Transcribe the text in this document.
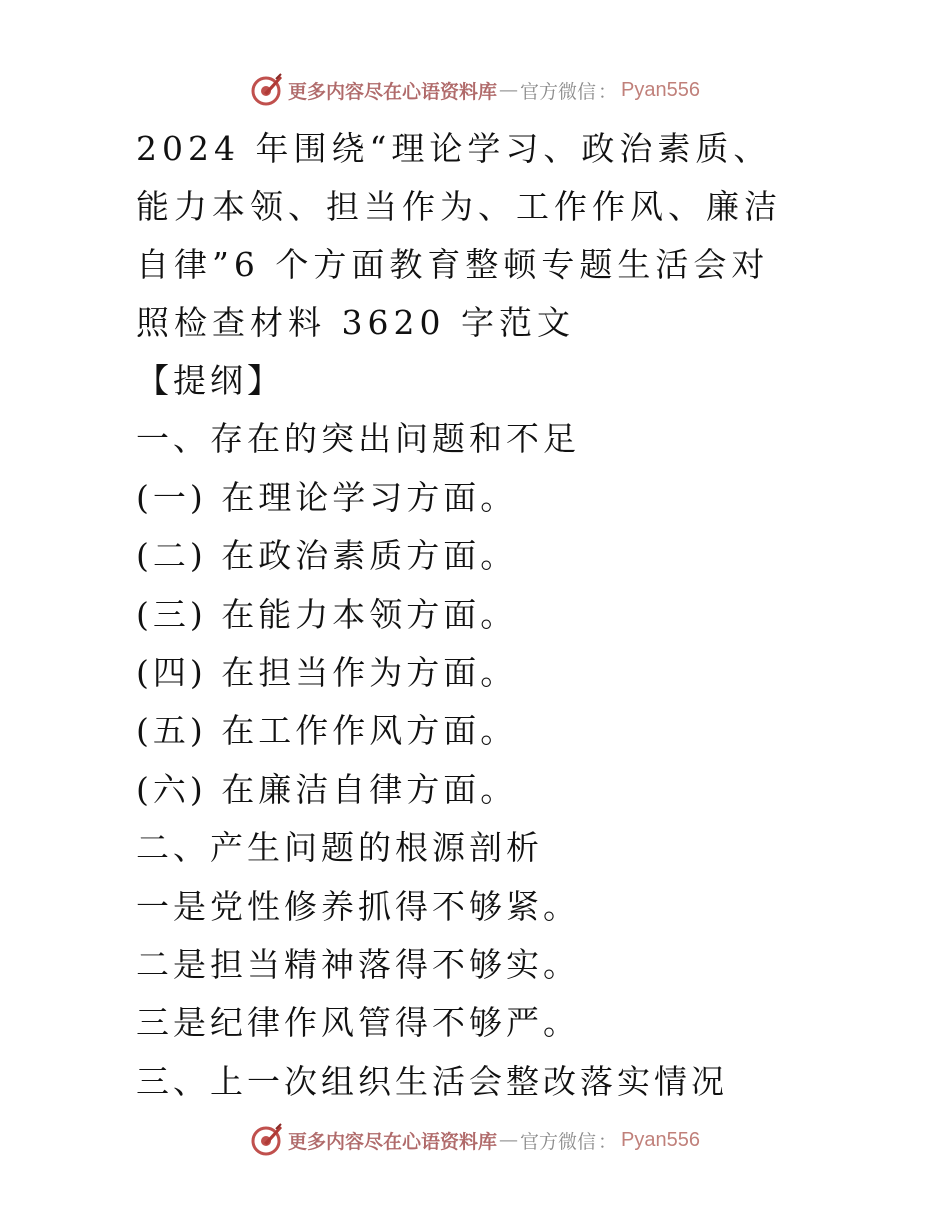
更多内容尽在心语资料库 — 官方微信 ： Pyan556
2024 年围绕“理论学习、政治素质、能力本领、担当作为、工作作风、廉洁自律”6 个方面教育整顿专题生活会对照检查材料 3620 字范文

【提纲】

一、存在的突出问题和不足

(一) 在理论学习方面。

(二) 在政治素质方面。

(三) 在能力本领方面。

(四) 在担当作为方面。

(五) 在工作作风方面。

(六) 在廉洁自律方面。

二、产生问题的根源剖析

一是党性修养抓得不够紧。

二是担当精神落得不够实。

三是纪律作风管得不够严。

三、上一次组织生活会整改落实情况

更多内容尽在心语资料库 — 官方微信 ： Pyan556
